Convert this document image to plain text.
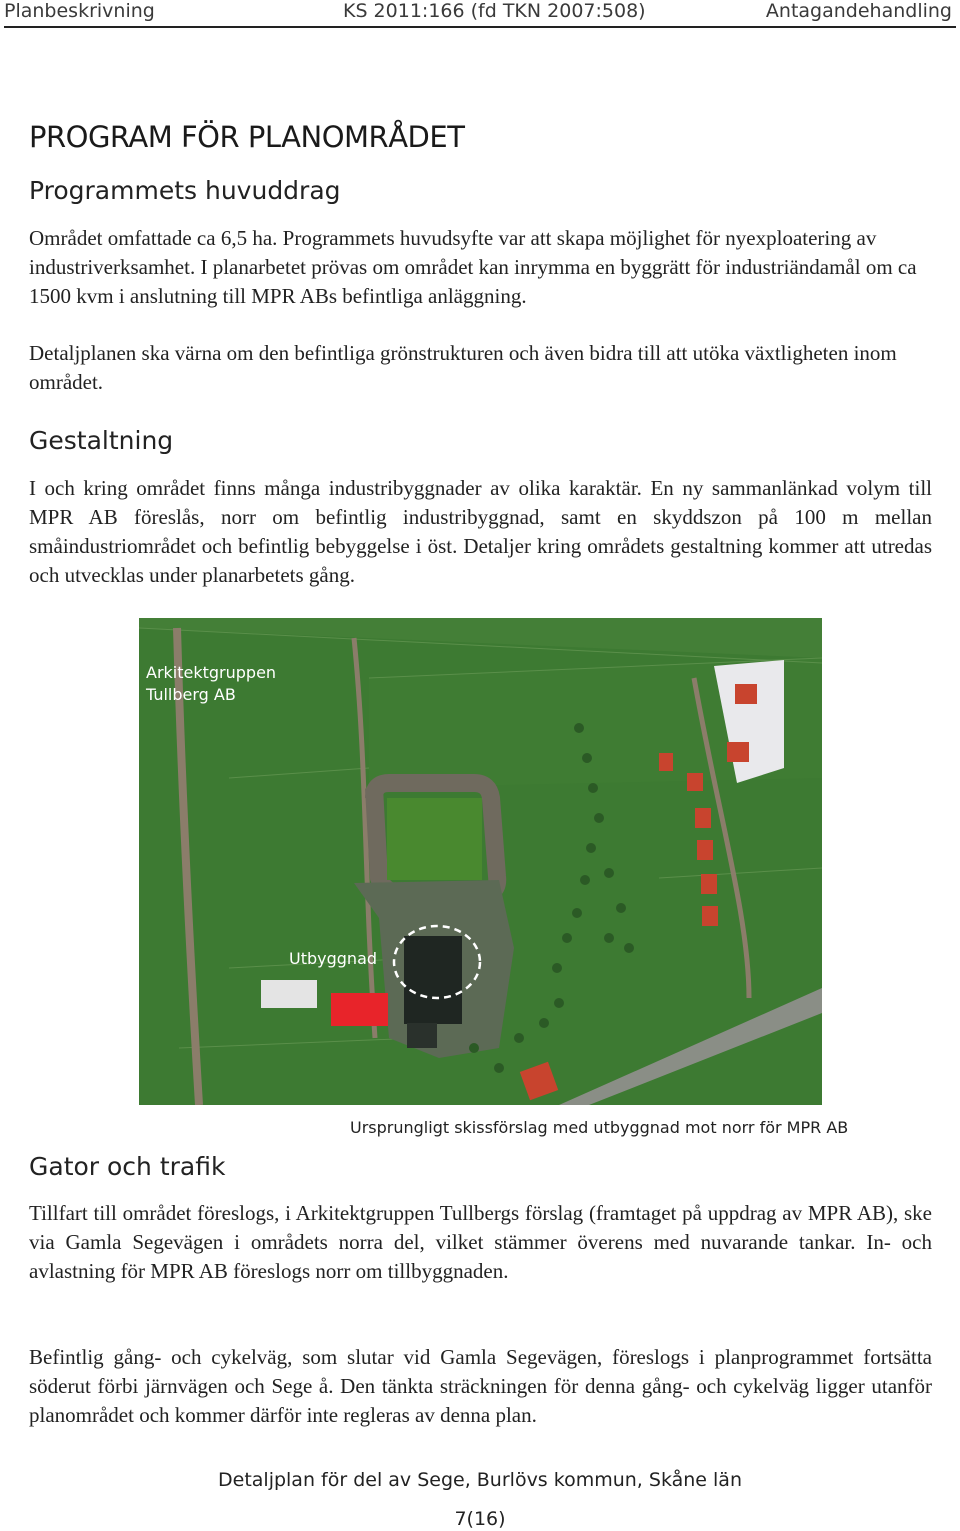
Planbeskrivning	KS 2011:166 (fd TKN 2007:508)	Antagandehandling
PROGRAM FÖR PLANOMRÅDET
Programmets huvuddrag

Området omfattade ca 6,5 ha. Programmets huvudsyfte var att skapa möjlighet för nyexploatering av industriverksamhet. I planarbetet prövas om området kan inrymma en byggrätt för industriändamål om ca 1500 kvm i anslutning till MPR ABs befintliga anläggning.

Detaljplanen ska värna om den befintliga grönstrukturen och även bidra till att utöka växtligheten inom området.

Gestaltning

I och kring området finns många industribyggnader av olika karaktär. En ny sammanlänkad volym till MPR AB föreslås, norr om befintlig industribyggnad, samt en skyddszon på 100 m mellan småindustriområdet och befintlig bebyggelse i öst. Detaljer kring områdets gestaltning kommer att utredas och utvecklas under planarbetets gång.

Arkitektgruppen
Tullberg AB
Utbyggnad
Ursprungligt skissförslag med utbyggnad mot norr för MPR AB
Gator och trafik

Tillfart till området föreslogs, i Arkitektgruppen Tullbergs förslag (framtaget på uppdrag av MPR AB), ske via Gamla Segevägen i områdets norra del, vilket stämmer överens med nuvarande tankar. In- och avlastning för MPR AB föreslogs norr om tillbyggnaden.

Befintlig gång- och cykelväg, som slutar vid Gamla Segevägen, föreslogs i planprogrammet fortsätta söderut förbi järnvägen och Sege å. Den tänkta sträckningen för denna gång- och cykelväg ligger utanför planområdet och kommer därför inte regleras av denna plan.

Detaljplan för del av Sege, Burlövs kommun, Skåne län
7(16)
